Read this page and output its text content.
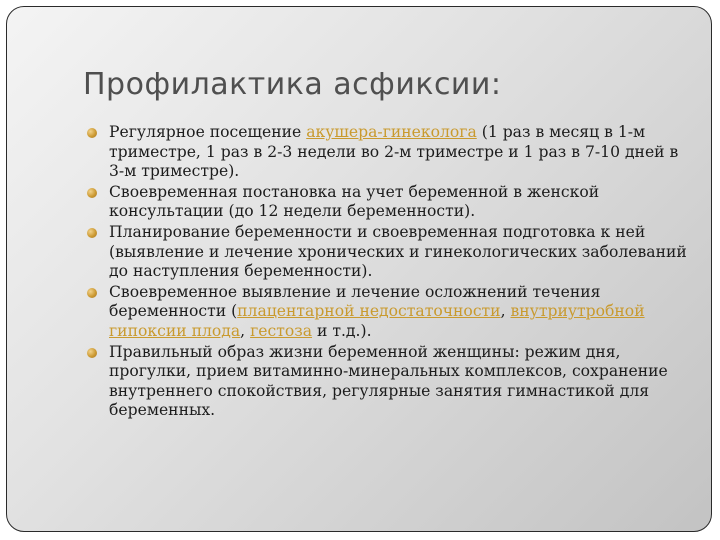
Профилактика асфиксии:
Регулярное посещение акушера-гинеколога (1 раз в месяц в 1-м триместре, 1 раз в 2-3 недели во 2-м триместре и 1 раз в 7-10 дней в 3-м триместре).
Своевременная постановка на учет беременной в женской консультации (до 12 недели беременности).
Планирование беременности и своевременная подготовка к ней (выявление и лечение хронических и гинекологических заболеваний до наступления беременности).
Своевременное выявление и лечение осложнений течения беременности (плацентарной недостаточности, внутриутробной гипоксии плода, гестоза и т.д.).
Правильный образ жизни беременной женщины: режим дня, прогулки, прием витаминно-минеральных комплексов, сохранение внутреннего спокойствия, регулярные занятия гимнастикой для беременных.
